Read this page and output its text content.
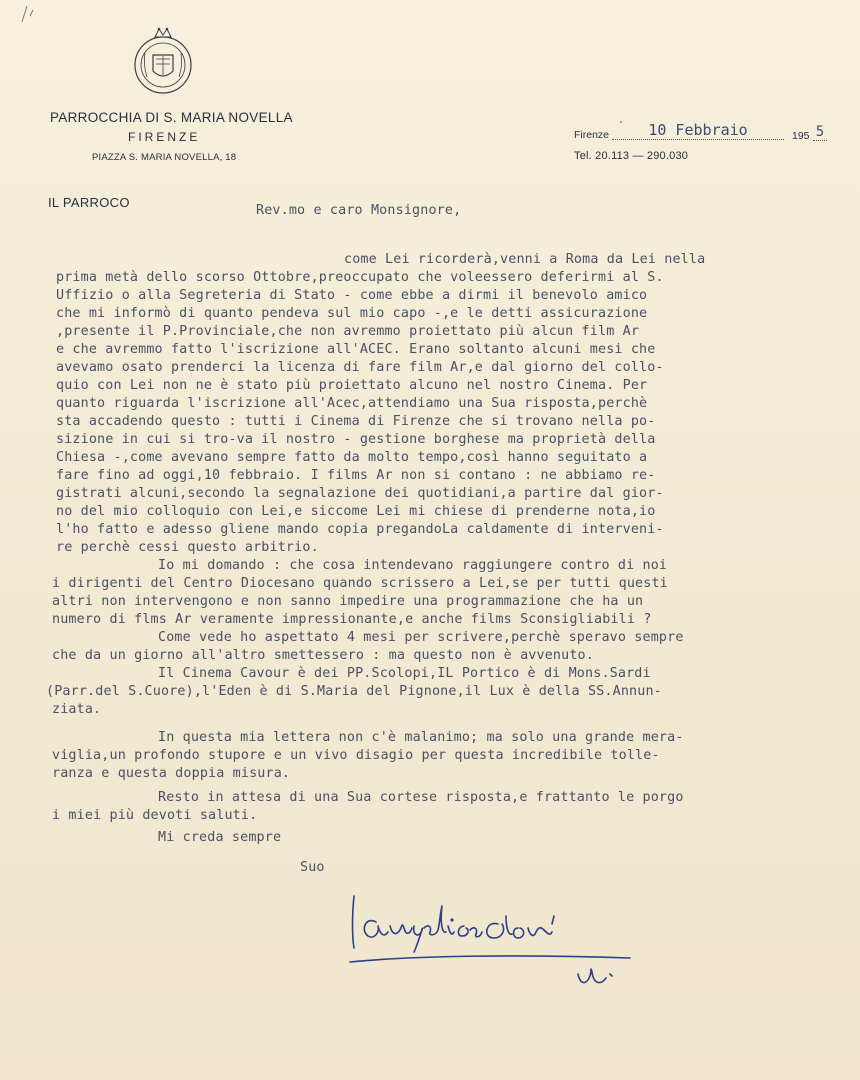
PARROCCHIA DI S. MARIA NOVELLA
FIRENZE
PIAZZA S. MARIA NOVELLA, 18
Firenze
'	10 Febbraio	195 5
Tel. 20.113 — 290.030
IL PARROCO
Rev.mo e caro Monsignore,
come Lei ricorderà,venni a Roma da Lei nella
prima metà dello scorso Ottobre,preoccupato che voleessero deferirmi al S.
Uffizio o alla Segreteria di Stato - come ebbe a dirmi il benevolo amico
che mi informò di quanto pendeva sul mio capo -,e le detti assicurazione
,presente il P.Provinciale,che non avremmo proiettato più alcun film Ar
e che avremmo fatto l'iscrizione all'ACEC. Erano soltanto alcuni mesi che
avevamo osato prenderci la licenza di fare film Ar,e dal giorno del collo-
quio con Lei non ne è stato più proiettato alcuno nel nostro Cinema. Per
quanto riguarda l'iscrizione all'Acec,attendiamo una Sua risposta,perchè
sta accadendo questo : tutti i Cinema di Firenze che si trovano nella po-
sizione in cui si tro-va il nostro - gestione borghese ma proprietà della
Chiesa -,come avevano sempre fatto da molto tempo,così hanno seguitato a
fare fino ad oggi,10 febbraio. I films Ar non si contano : ne abbiamo re-
gistrati alcuni,secondo la segnalazione dei quotidiani,a partire dal gior-
no del mio colloquio con Lei,e siccome Lei mi chiese di prenderne nota,io
l'ho fatto e adesso gliene mando copia pregandoLa caldamente di interveni-
re perchè cessi questo arbitrio.
Io mi domando : che cosa intendevano raggiungere contro di noi
i dirigenti del Centro Diocesano quando scrissero a Lei,se per tutti questi
altri non intervengono e non sanno impedire una programmazione che ha un
numero di flms Ar veramente impressionante,e anche films Sconsigliabili ?
Come vede ho aspettato 4 mesi per scrivere,perchè speravo sempre
che da un giorno all'altro smettessero : ma questo non è avvenuto.
Il Cinema Cavour è dei PP.Scolopi,IL Portico è di Mons.Sardi
(Parr.del S.Cuore),l'Eden è di S.Maria del Pignone,il Lux è della SS.Annun-
ziata.
In questa mia lettera non c'è malanimo; ma solo una grande mera-
viglia,un profondo stupore e un vivo disagio per questa incredibile tolle-
ranza e questa doppia misura.
Resto in attesa di una Sua cortese risposta,e frattanto le porgo
i miei più devoti saluti.
Mi creda sempre
Suo
